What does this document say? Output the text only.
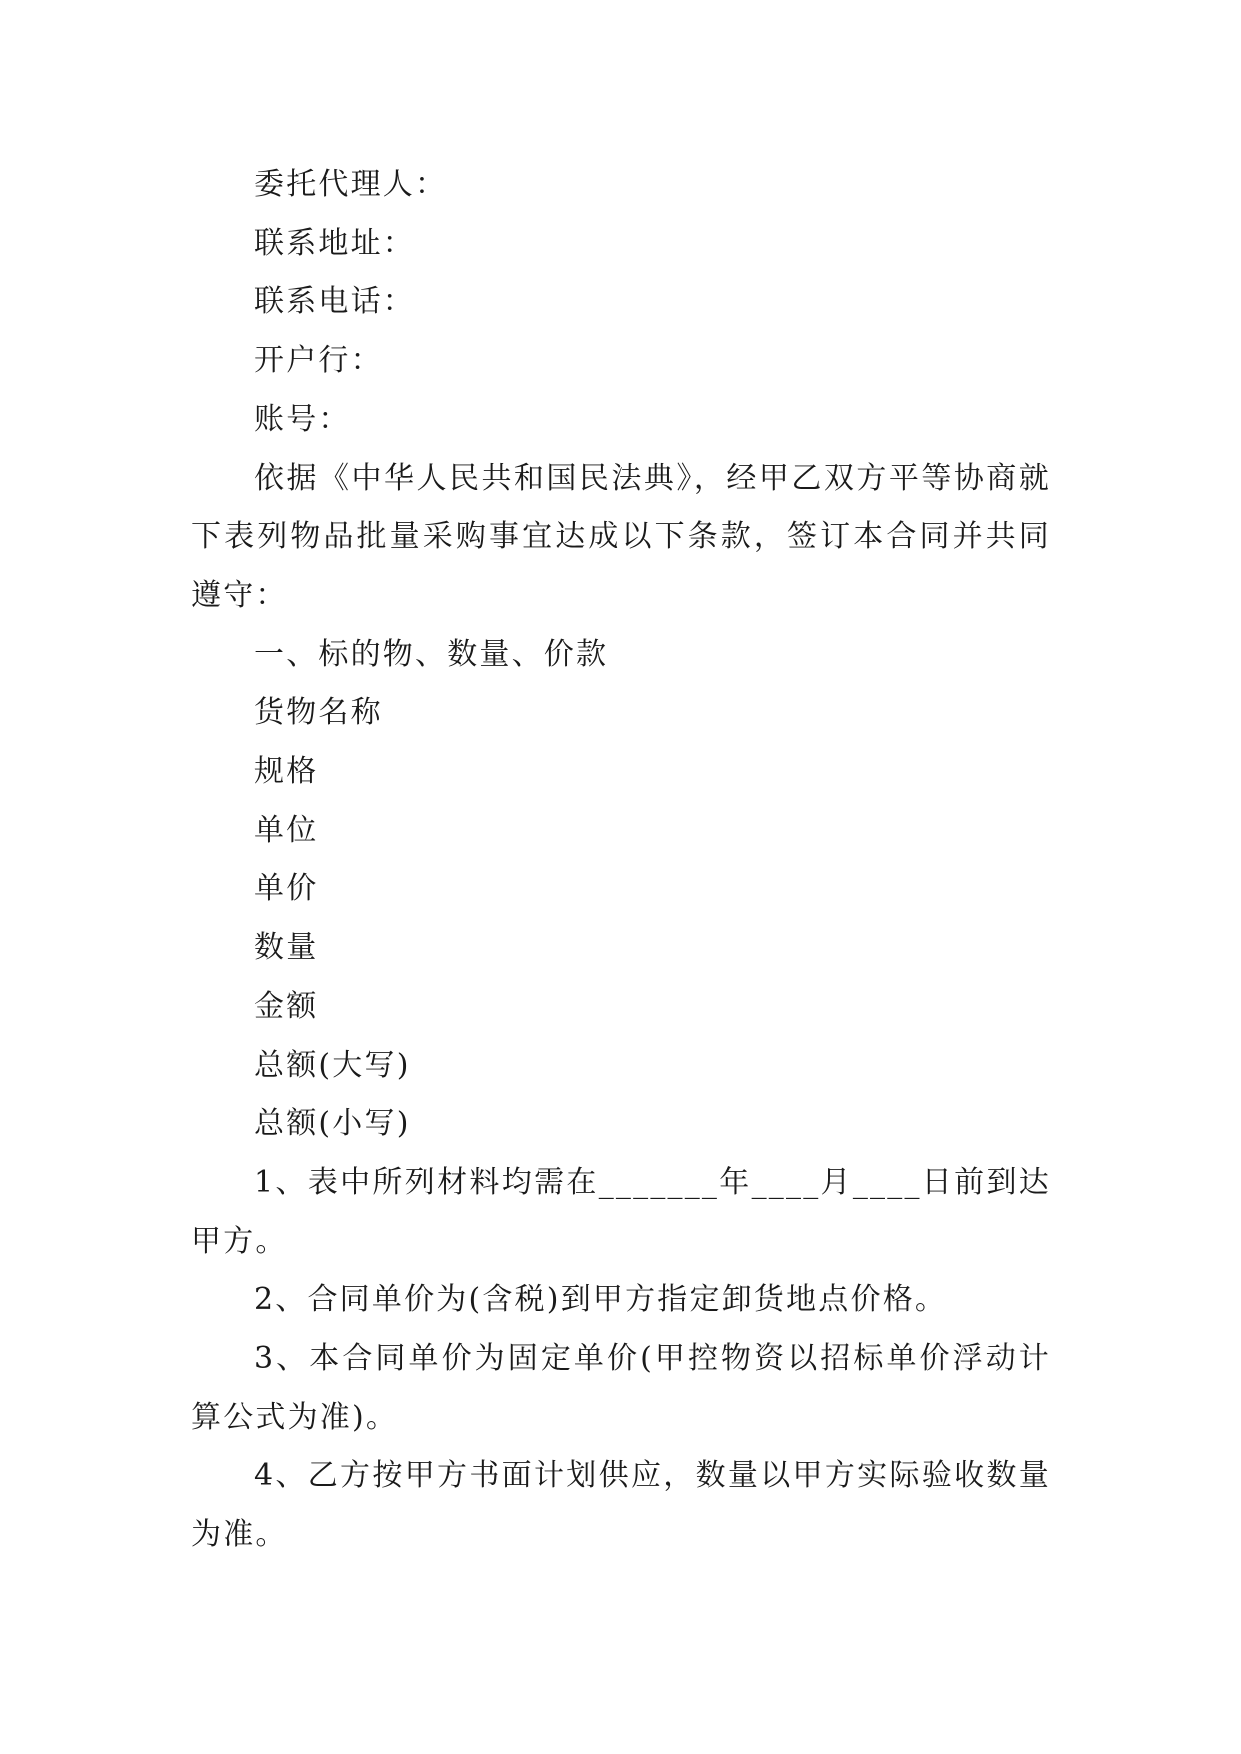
委托代理人：

联系地址：

联系电话：

开户行：

账号：

依据《中华人民共和国民法典》，经甲乙双方平等协商就下表列物品批量采购事宜达成以下条款，签订本合同并共同遵守：

一、标的物、数量、价款

货物名称

规格

单位

单价

数量

金额

总额(大写)

总额(小写)

1、表中所列材料均需在_______年____月____日前到达甲方。

2、合同单价为(含税)到甲方指定卸货地点价格。

3、本合同单价为固定单价(甲控物资以招标单价浮动计算公式为准)。

4、乙方按甲方书面计划供应，数量以甲方实际验收数量为准。
